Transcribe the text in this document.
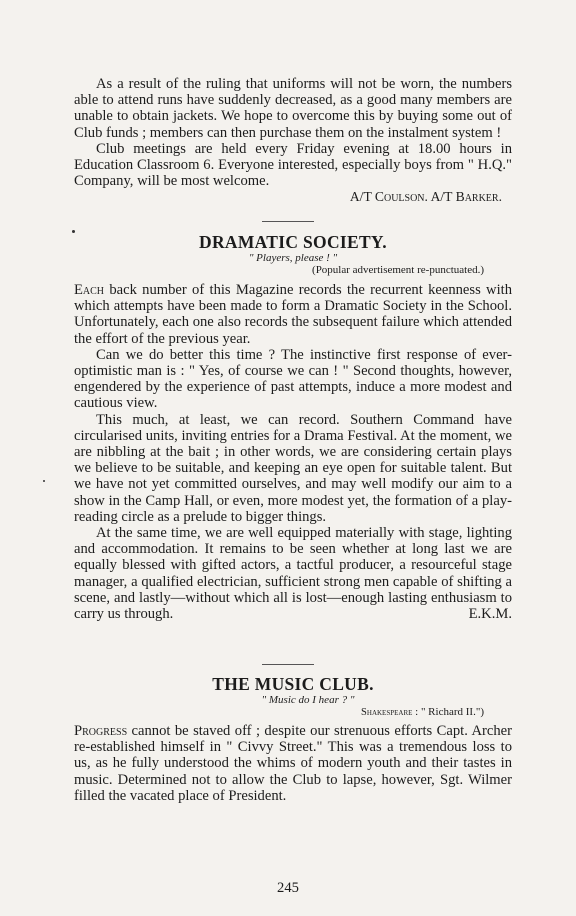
As a result of the ruling that uniforms will not be worn, the numbers able to attend runs have suddenly decreased, as a good many members are unable to obtain jackets. We hope to overcome this by buying some out of Club funds ; members can then purchase them on the instalment system !

Club meetings are held every Friday evening at 18.00 hours in Education Classroom 6. Everyone interested, especially boys from " H.Q." Company, will be most welcome.

A/T Coulson. A/T Barker.

DRAMATIC SOCIETY.

" Players, please ! "

(Popular advertisement re-punctuated.)

Each back number of this Magazine records the recurrent keenness with which attempts have been made to form a Dramatic Society in the School. Unfortunately, each one also records the subsequent failure which attended the effort of the previous year.

Can we do better this time ? The instinctive first response of ever-optimistic man is : " Yes, of course we can ! " Second thoughts, however, engendered by the experience of past attempts, induce a more modest and cautious view.

This much, at least, we can record. Southern Command have circularised units, inviting entries for a Drama Festival. At the moment, we are nibbling at the bait ; in other words, we are considering certain plays we believe to be suitable, and keeping an eye open for suitable talent. But we have not yet committed ourselves, and may well modify our aim to a show in the Camp Hall, or even, more modest yet, the formation of a play-reading circle as a prelude to bigger things.

At the same time, we are well equipped materially with stage, lighting and accommodation. It remains to be seen whether at long last we are equally blessed with gifted actors, a tactful producer, a resourceful stage manager, a qualified electrician, sufficient strong men capable of shifting a scene, and lastly—without which all is lost—enough lasting enthusiasm to carry us through.	E.K.M.

THE MUSIC CLUB.

" Music do I hear ? "

Shakespeare : " Richard II.")

Progress cannot be staved off ; despite our strenuous efforts Capt. Archer re-established himself in " Civvy Street." This was a tremendous loss to us, as he fully understood the whims of modern youth and their tastes in music. Determined not to allow the Club to lapse, however, Sgt. Wilmer filled the vacated place of President.

245
